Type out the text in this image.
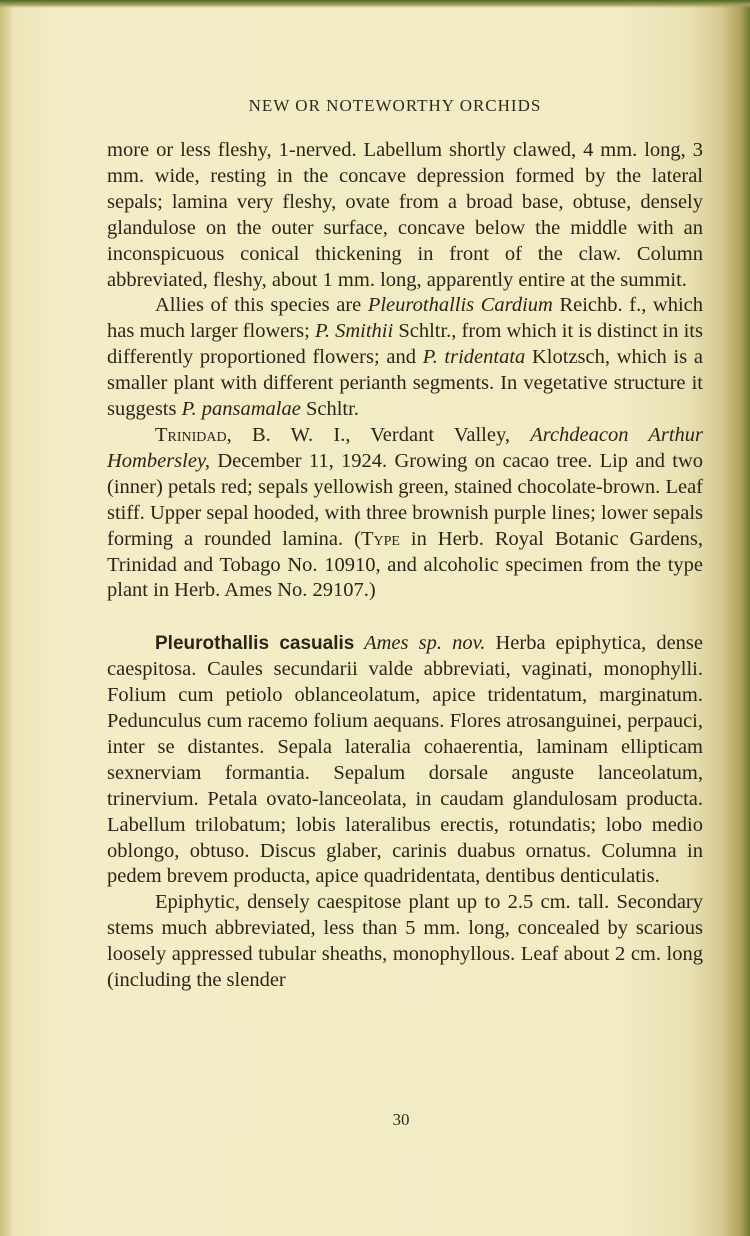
NEW OR NOTEWORTHY ORCHIDS

more or less fleshy, 1-nerved. Labellum shortly clawed, 4 mm. long, 3 mm. wide, resting in the concave depression formed by the lateral sepals; lamina very fleshy, ovate from a broad base, obtuse, densely glandulose on the outer surface, concave below the middle with an inconspicuous conical thickening in front of the claw. Column abbreviated, fleshy, about 1 mm. long, apparently entire at the summit.

Allies of this species are Pleurothallis Cardium Reichb. f., which has much larger flowers; P. Smithii Schltr., from which it is distinct in its differently proportioned flowers; and P. tridentata Klotzsch, which is a smaller plant with different perianth segments. In vegetative structure it suggests P. pansamalae Schltr.

Trinidad, B. W. I., Verdant Valley, Archdeacon Arthur Hombersley, December 11, 1924. Growing on cacao tree. Lip and two (inner) petals red; sepals yellowish green, stained chocolate-brown. Leaf stiff. Upper sepal hooded, with three brownish purple lines; lower sepals forming a rounded lamina. (Type in Herb. Royal Botanic Gardens, Trinidad and Tobago No. 10910, and alcoholic specimen from the type plant in Herb. Ames No. 29107.)

Pleurothallis casualis Ames sp. nov. Herba epiphytica, dense caespitosa. Caules secundarii valde abbreviati, vaginati, monophylli. Folium cum petiolo oblanceolatum, apice tridentatum, marginatum. Pedunculus cum racemo folium aequans. Flores atrosanguinei, perpauci, inter se distantes. Sepala lateralia cohaerentia, laminam ellipticam sexnerviam formantia. Sepalum dorsale anguste lanceolatum, trinervium. Petala ovato-lanceolata, in caudam glandulosam producta. Labellum trilobatum; lobis lateralibus erectis, rotundatis; lobo medio oblongo, obtuso. Discus glaber, carinis duabus ornatus. Columna in pedem brevem producta, apice quadridentata, dentibus denticulatis.

Epiphytic, densely caespitose plant up to 2.5 cm. tall. Secondary stems much abbreviated, less than 5 mm. long, concealed by scarious loosely appressed tubular sheaths, monophyllous. Leaf about 2 cm. long (including the slender

30
